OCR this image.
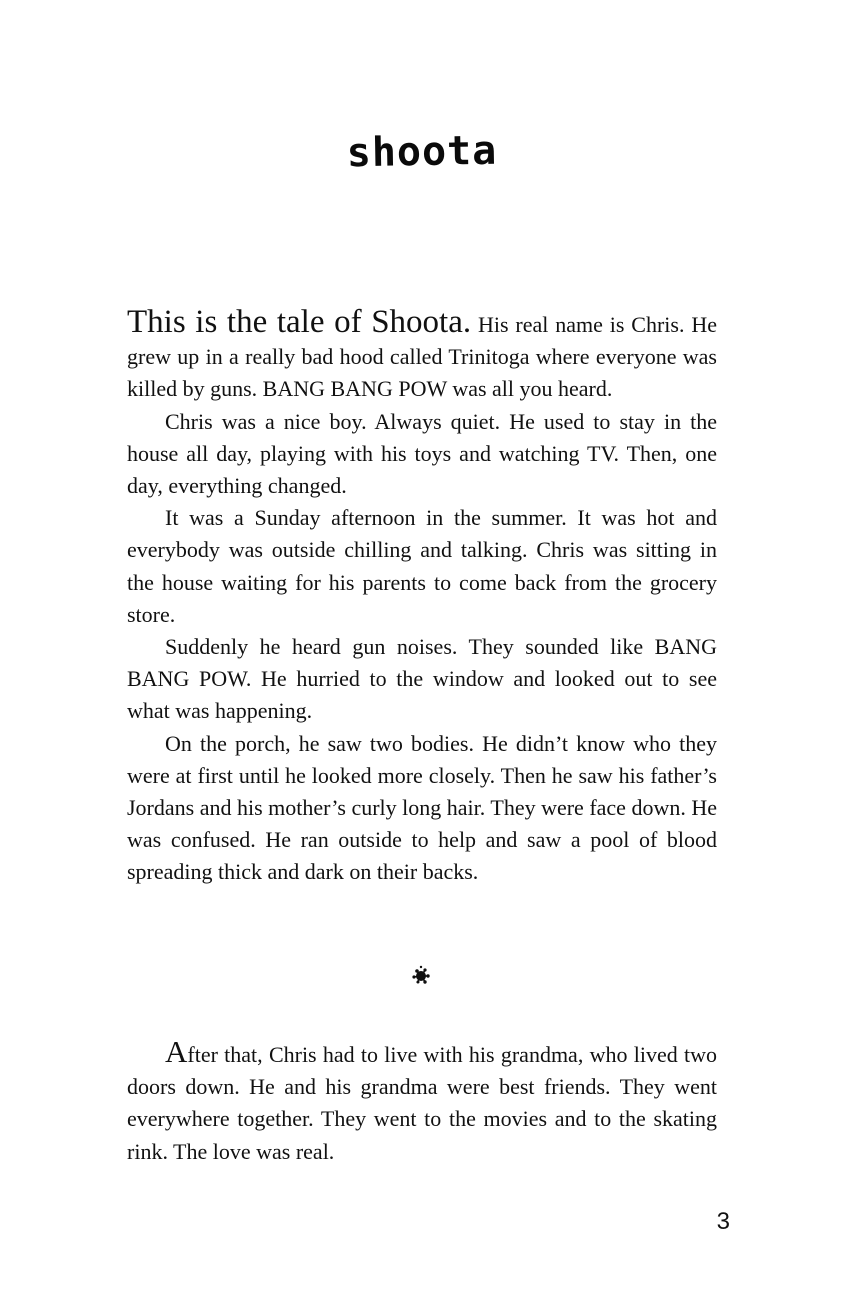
shoota

This is the tale of Shoota. His real name is Chris. He grew up in a really bad hood called Trinitoga where everyone was killed by guns. BANG BANG POW was all you heard.

Chris was a nice boy. Always quiet. He used to stay in the house all day, playing with his toys and watching TV. Then, one day, everything changed.

It was a Sunday afternoon in the summer. It was hot and everybody was outside chilling and talking. Chris was sitting in the house waiting for his parents to come back from the grocery store.

Suddenly he heard gun noises. They sounded like BANG BANG POW. He hurried to the window and looked out to see what was happening.

On the porch, he saw two bodies. He didn’t know who they were at first until he looked more closely. Then he saw his father’s Jordans and his mother’s curly long hair. They were face down. He was confused. He ran outside to help and saw a pool of blood spreading thick and dark on their backs.

After that, Chris had to live with his grandma, who lived two doors down. He and his grandma were best friends. They went everywhere together. They went to the movies and to the skating rink. The love was real.

3
